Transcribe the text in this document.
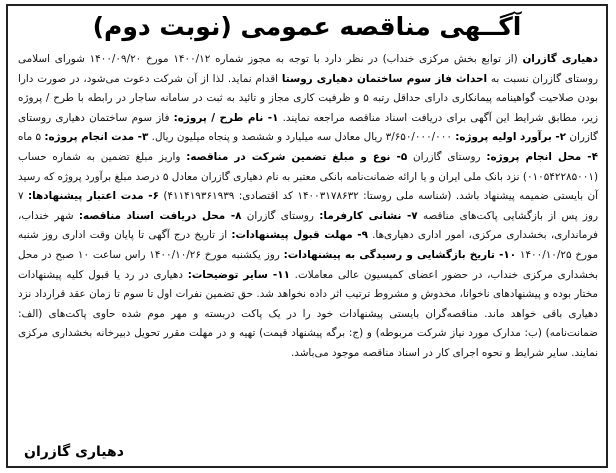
آگــهی مناقصه عمومی (نوبت دوم)
دهیاری گازران (از توابع بخش مرکزی خنداب) در نظر دارد با توجه به مجوز شماره ۱۴۰۰/۱۲ مورخ ۱۴۰۰/۰۹/۲۰ شورای اسلامی روستای گازران نسبت به احداث فاز سوم ساختمان دهیاری روستا اقدام نماید. لذا از آن شرکت دعوت می‌شود، در صورت دارا بودن صلاحیت گواهینامه پیمانکاری دارای حداقل رتبه ۵ و ظرفیت کاری مجاز و تائید به ثبت در سامانه ساجار در رابطه با طرح / پروژه زیر، مطابق شرایط این آگهی برای دریافت اسناد مناقصه مراجعه نمایند. ۱- نام طرح / پروژه: فاز سوم ساختمان دهیاری روستای گازران ۲- برآورد اولیه پروژه: ۳/۶۵۰/۰۰۰/۰۰۰ ریال معادل سه میلیارد و ششصد و پنجاه میلیون ریال. ۳- مدت انجام پروژه: ۵ ماه ۴- محل انجام پروژه: روستای گازران ۵- نوع و مبلغ تضمین شرکت در مناقصه: واریز مبلغ تضمین به شماره حساب (۰۱۰۵۴۲۲۸۵۰۰۱) نزد بانک ملی ایران و یا ارائه ضمانت‌نامه بانکی معتبر به نام دهیاری گازران معادل ۵ درصد مبلغ برآورد پروژه که رسید آن بایستی ضمیمه پیشنهاد باشد. (شناسه ملی روستا: ۱۴۰۰۳۱۷۸۶۳۲ کد اقتصادی: ۴۱۱۴۱۹۳۶۱۹۳۹) ۶- مدت اعتبار پیشنهادها: ۷ روز پس از بازگشایی پاکت‌های مناقصه ۷- نشانی کارفرما: روستای گازران ۸- محل دریافت اسناد مناقصه: شهر خنداب، فرمانداری، بخشداری مرکزی، امور اداری دهیاری‌ها. ۹- مهلت قبول پیشنهادات: از تاریخ درج آگهی تا پایان وقت اداری روز شنبه مورخ ۱۴۰۰/۱۰/۲۵ ۱۰- تاریخ بازگشایی و رسیدگی به پیشنهادات: روز یکشنبه مورخ ۱۴۰۰/۱۰/۲۶ راس ساعت ۱۰ صبح در محل بخشداری مرکزی خنداب، در حضور اعضای کمیسیون عالی معاملات. ۱۱- سایر توضیحات: دهیاری در رد یا قبول کلیه پیشنهادات مختار بوده و پیشنهادهای ناخوانا، مخدوش و مشروط ترتیب اثر داده نخواهد شد. حق تضمین نفرات اول تا سوم تا زمان عقد قرارداد نزد دهیاری باقی خواهد ماند. مناقصه‌گران بایستی پیشنهادات خود را در یک پاکت دربسته و مهر موم شده حاوی پاکت‌های (الف: ضمانت‌نامه) (ب: مدارک مورد نیاز شرکت مربوطه) و (ج: برگه پیشنهاد قیمت) تهیه و در مهلت مقرر تحویل دبیرخانه بخشداری مرکزی نمایند. سایر شرایط و نحوه اجرای کار در اسناد مناقصه موجود می‌باشد.
دهیاری گازران
